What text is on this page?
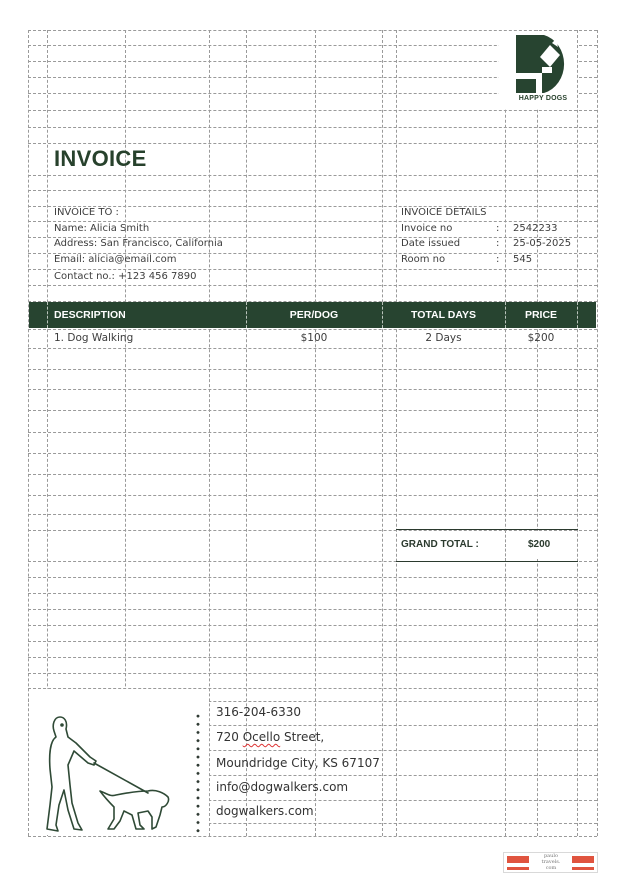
HAPPY DOGS
INVOICE
INVOICE TO :
Name: Alicia Smith
Address: San Francisco, California
Email: alicia@email.com
Contact no.: +123 456 7890
INVOICE DETAILS
Invoice no	: 2542233
Date issued	: 25-05-2025
Room no	: 545
DESCRIPTION	PER/DOG	TOTAL DAYS	PRICE
1. Dog Walking	$100	2 Days	$200
GRAND TOTAL :	$200
316-204-6330
720 Ocello Street,
Moundridge City, KS 67107
info@dogwalkers.com
dogwalkers.com
paulo
travels.
com
